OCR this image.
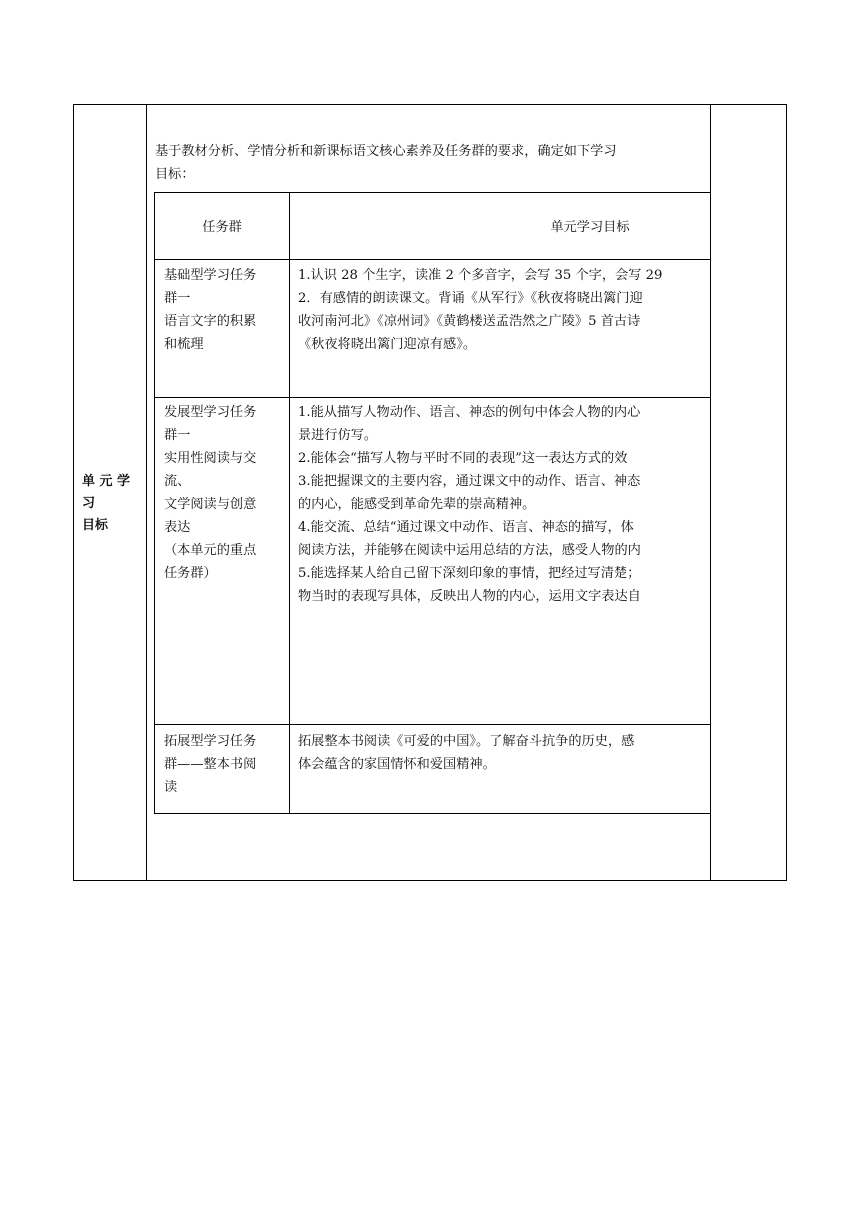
单 元 学
习
目标
基于教材分析、学情分析和新课标语文核心素养及任务群的要求，确定如下学习
目标：
任务群	单元学习目标
基础型学习任务
群一
语言文字的积累
和梳理
1.认识 28 个生字，读准 2 个多音字，会写 35 个字，会写 29
2．有感情的朗读课文。背诵《从军行》《秋夜将晓出篱门迎
收河南河北》《凉州词》《黄鹤楼送孟浩然之广陵》5 首古诗
《秋夜将晓出篱门迎凉有感》。
发展型学习任务
群一
实用性阅读与交
流、
文学阅读与创意
表达
（本单元的重点
任务群）
1.能从描写人物动作、语言、神态的例句中体会人物的内心
景进行仿写。
2.能体会“描写人物与平时不同的表现”这一表达方式的效
3.能把握课文的主要内容，通过课文中的动作、语言、神态
的内心，能感受到革命先辈的崇高精神。
4.能交流、总结“通过课文中动作、语言、神态的描写，体
阅读方法，并能够在阅读中运用总结的方法，感受人物的内
5.能选择某人给自己留下深刻印象的事情，把经过写清楚；
物当时的表现写具体，反映出人物的内心，运用文字表达自
拓展型学习任务
群——整本书阅
读
拓展整本书阅读《可爱的中国》。了解奋斗抗争的历史，感
体会蕴含的家国情怀和爱国精神。
